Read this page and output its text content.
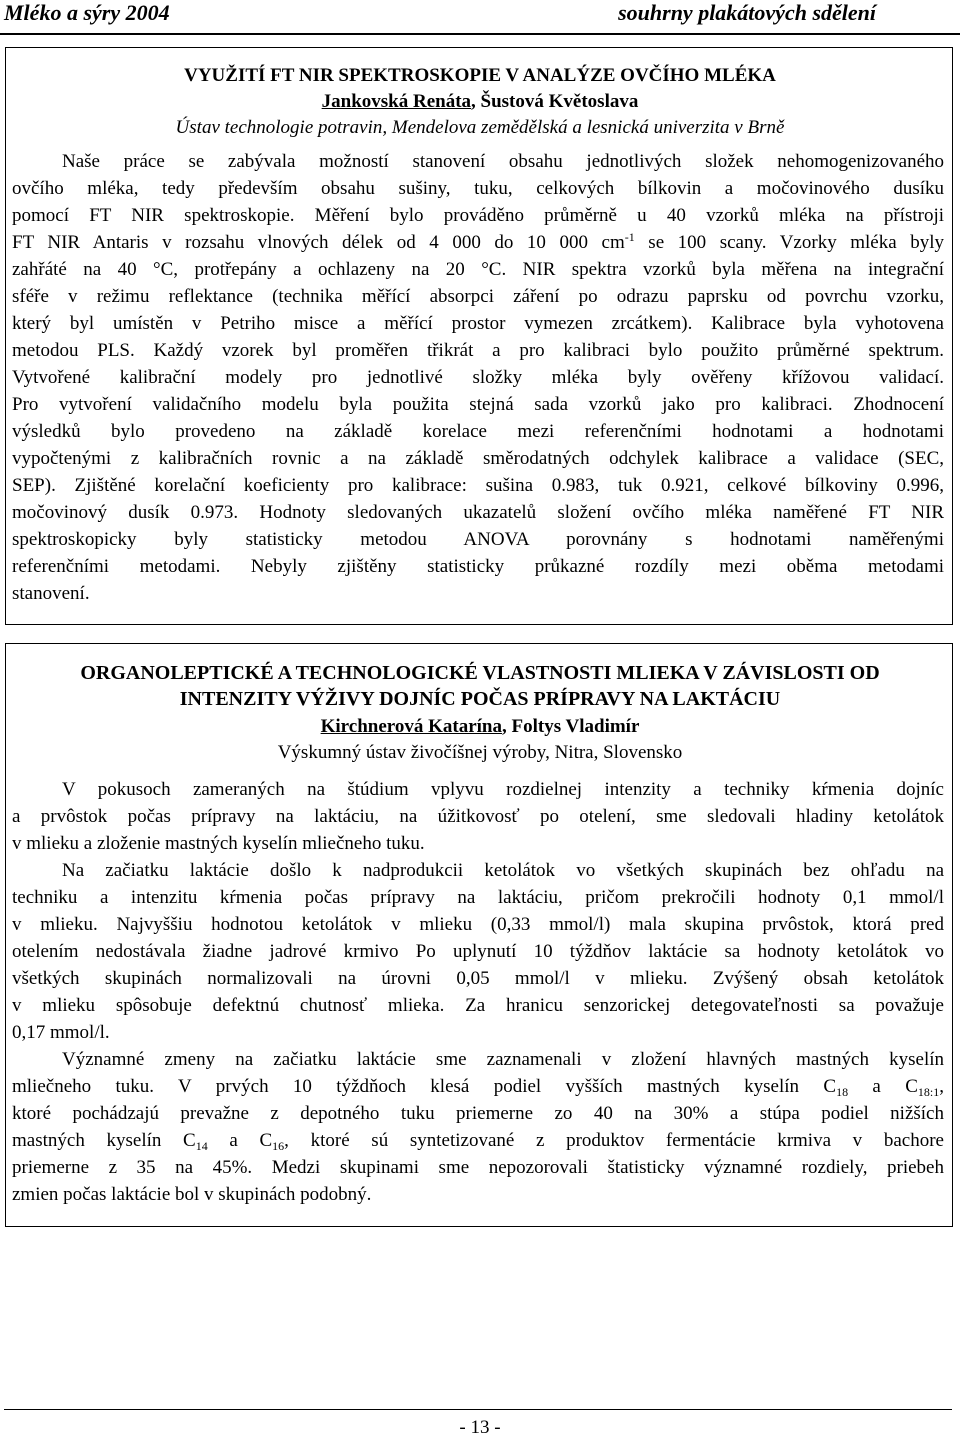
Mléko a sýry 2004	souhrny plakátových sdělení
VYUŽITÍ FT NIR SPEKTROSKOPIE V ANALÝZE OVČÍHO MLÉKA
Jankovská Renáta, Šustová Květoslava
Ústav technologie potravin, Mendelova zemědělská a lesnická univerzita v Brně
Naše práce se zabývala možností stanovení obsahu jednotlivých složek nehomogenizovaného
ovčího mléka, tedy především obsahu sušiny, tuku, celkových bílkovin a močovinového dusíku
pomocí FT NIR spektroskopie. Měření bylo prováděno průměrně u 40 vzorků mléka na přístroji
FT NIR Antaris v rozsahu vlnových délek od 4 000 do 10 000 $cm^{-1}$ se 100 scany. Vzorky mléka byly
zahřáté na 40 °C, protřepány a ochlazeny na 20 °C. NIR spektra vzorků byla měřena na integrační
sféře v režimu reflektance (technika měřící absorpci záření po odrazu paprsku od povrchu vzorku,
který byl umístěn v Petriho misce a měřící prostor vymezen zrcátkem). Kalibrace byla vyhotovena
metodou PLS. Každý vzorek byl proměřen třikrát a pro kalibraci bylo použito průměrné spektrum.
Vytvořené kalibrační modely pro jednotlivé složky mléka byly ověřeny křížovou validací.
Pro vytvoření validačního modelu byla použita stejná sada vzorků jako pro kalibraci. Zhodnocení
výsledků bylo provedeno na základě korelace mezi referenčními hodnotami a hodnotami
vypočtenými z kalibračních rovnic a na základě směrodatných odchylek kalibrace a validace (SEC,
SEP). Zjištěné korelační koeficienty pro kalibrace: sušina 0.983, tuk 0.921, celkové bílkoviny 0.996,
močovinový dusík 0.973. Hodnoty sledovaných ukazatelů složení ovčího mléka naměřené FT NIR
spektroskopicky byly statisticky metodou ANOVA porovnány s hodnotami naměřenými
referenčními metodami. Nebyly zjištěny statisticky průkazné rozdíly mezi oběma metodami
stanovení.
ORGANOLEPTICKÉ A TECHNOLOGICKÉ VLASTNOSTI MLIEKA V ZÁVISLOSTI OD
INTENZITY VÝŽIVY DOJNÍC POČAS PRÍPRAVY NA LAKTÁCIU
Kirchnerová Katarína, Foltys Vladimír
Výskumný ústav živočíšnej výroby, Nitra, Slovensko
V pokusoch zameraných na štúdium vplyvu rozdielnej intenzity a techniky kŕmenia dojníc
a prvôstok počas prípravy na laktáciu, na úžitkovosť po otelení, sme sledovali hladiny ketolátok
v mlieku a zloženie mastných kyselín mliečneho tuku.
Na začiatku laktácie došlo k nadprodukcii ketolátok vo všetkých skupinách bez ohľadu na
techniku a intenzitu kŕmenia počas prípravy na laktáciu, pričom prekročili hodnoty 0,1 mmol/l
v mlieku. Najvyššiu hodnotou ketolátok v mlieku (0,33 mmol/l) mala skupina prvôstok, ktorá pred
otelením nedostávala žiadne jadrové krmivo Po uplynutí 10 týždňov laktácie sa hodnoty ketolátok vo
všetkých skupinách normalizovali na úrovni 0,05 mmol/l v mlieku. Zvýšený obsah ketolátok
v mlieku spôsobuje defektnú chutnosť mlieka. Za hranicu senzorickej detegovateľnosti sa považuje
0,17 mmol/l.
Významné zmeny na začiatku laktácie sme zaznamenali v zložení hlavných mastných kyselín
mliečneho tuku. V prvých 10 týždňoch klesá podiel vyšších mastných kyselín $C_{18}$ a $C_{18:1}$,
ktoré pochádzajú prevažne z depotného tuku priemerne zo 40 na 30% a stúpa podiel nižších
mastných kyselín $C_{14}$ a $C_{16}$, ktoré sú syntetizované z produktov fermentácie krmiva v bachore
priemerne z 35 na 45%. Medzi skupinami sme nepozorovali štatisticky významné rozdiely, priebeh
zmien počas laktácie bol v skupinách podobný.
- 13 -
